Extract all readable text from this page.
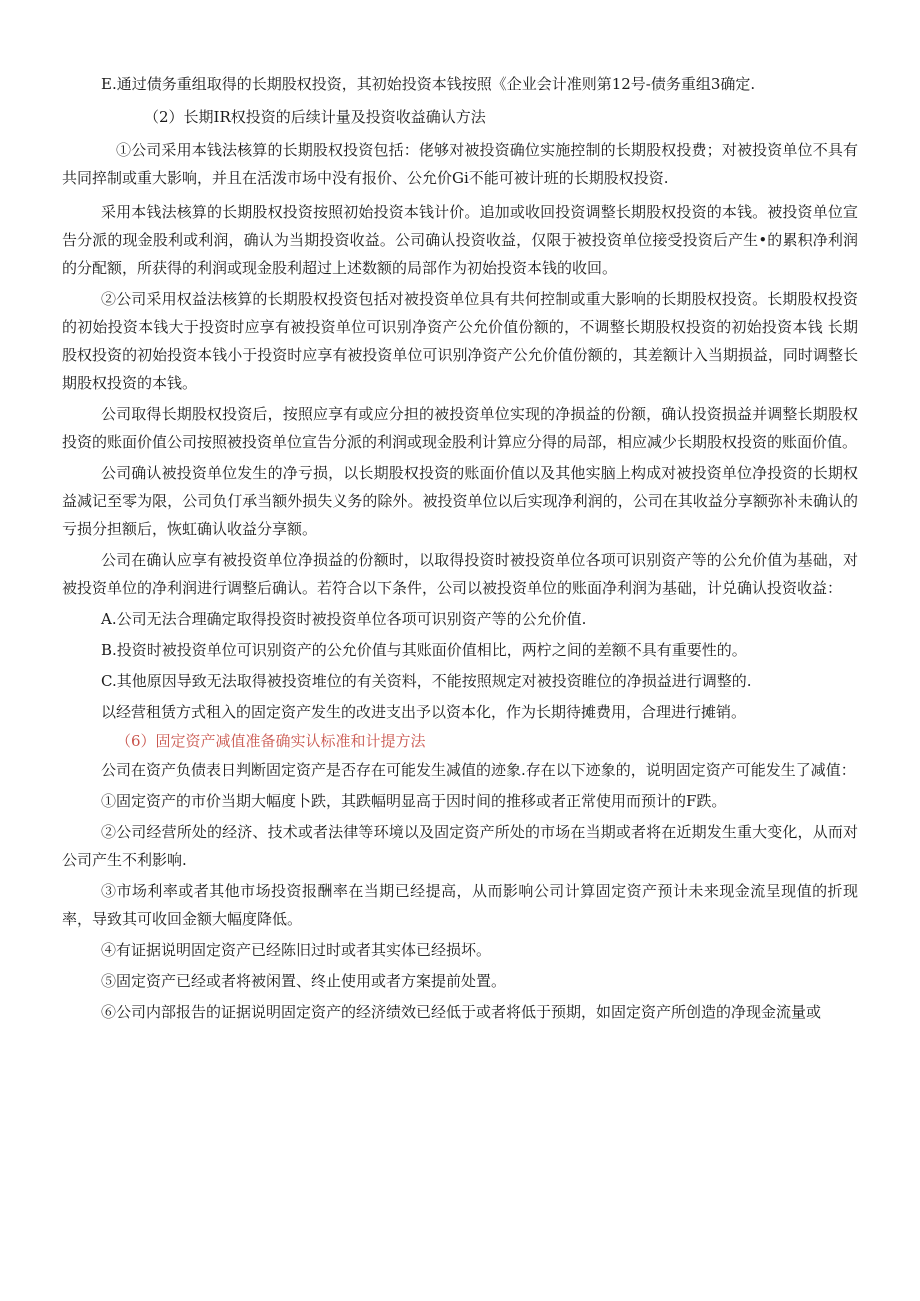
E.通过债务重组取得的长期股权投资，其初始投资本钱按照《企业会计准则第12号-债务重组3确定.

（2）长期IR权投资的后续计量及投资收益确认方法

①公司采用本钱法核算的长期股权投资包括：佬够对被投资确位实施控制的长期股权投费；对被投资单位不具有共同捽制或重大影响，并且在活泼市场中没有报价、公允价Gi不能可被计班的长期股权投资.

采用本钱法核算的长期股权投资按照初始投资本钱计价。追加或收回投资调整长期股权投资的本钱。被投资单位宣告分派的现金股利或利润，确认为当期投资收益。公司确认投资收益，仅限于被投资单位接受投资后产生•的累积净利润的分配额，所获得的利润或现金股利超过上述数额的局部作为初始投资本钱的收回。

②公司采用权益法核算的长期股权投资包括对被投资单位具有共何控制或重大影响的长期股权投资。长期股权投资的初始投资本钱大于投资时应享有被投资单位可识别净资产公允价值份额的，不调整长期股权投资的初始投资本钱 长期股权投资的初始投资本钱小于投资时应享有被投资单位可识别净资产公允价值份额的，其差额计入当期损益，同时调整长期股权投资的本钱。

公司取得长期股权投资后，按照应享有或应分担的被投资单位实现的净损益的份额，确认投资损益并调整长期股权投资的账面价值公司按照被投资单位宣告分派的利润或现金股利计算应分得的局部，相应减少长期股权投资的账面价值。

公司确认被投资单位发生的净亏损，以长期股权投资的账面价值以及其他实脑上构成对被投资单位净投资的长期权益减记至零为限，公司负仃承当额外损失义务的除外。被投资单位以后实现净利润的，公司在其收益分享额弥补未确认的亏损分担额后，恢虹确认收益分享额。

公司在确认应享有被投资单位净损益的份额时，以取得投资时被投资单位各项可识别资产等的公允价值为基础，对被投资单位的净利润进行调整后确认。若符合以下条件，公司以被投资单位的账面净利润为基础，计兑确认投资收益：

A.公司无法合理确定取得投资时被投资单位各项可识别资产等的公允价值.

B.投资时被投资单位可识别资产的公允价值与其账面价值相比，两柠之间的差额不具有重要性的。

C.其他原因导致无法取得被投资堆位的有关资料，不能按照规定对被投资睢位的净损益进行调整的.

以经营租赁方式租入的固定资产发生的改进支出予以资本化，作为长期待摊费用，合理进行摊销。

（6）固定资产减值准备确实认标准和计提方法

公司在资产负债表日判断固定资产是否存在可能发生减值的迹象.存在以下迹象的，说明固定资产可能发生了减值：

①固定资产的市价当期大幅度卜跌，其跌幅明显高于因时间的推移或者正常使用而预计的F跌。

②公司经营所处的经济、技术或者法律等环境以及固定资产所处的市场在当期或者将在近期发生重大变化，从而对公司产生不利影响.

③市场利率或者其他市场投资报酬率在当期已经提高，从而影响公司计算固定资产预计未来现金流呈现值的折现率，导致其可收回金额大幅度降低。

④有证据说明固定资产已经陈旧过时或者其实体已经损坏。

⑤固定资产已经或者将被闲置、终止使用或者方案提前处置。

⑥公司内部报告的证据说明固定资产的经济绩效已经低于或者将低于预期，如固定资产所创造的净现金流量或
